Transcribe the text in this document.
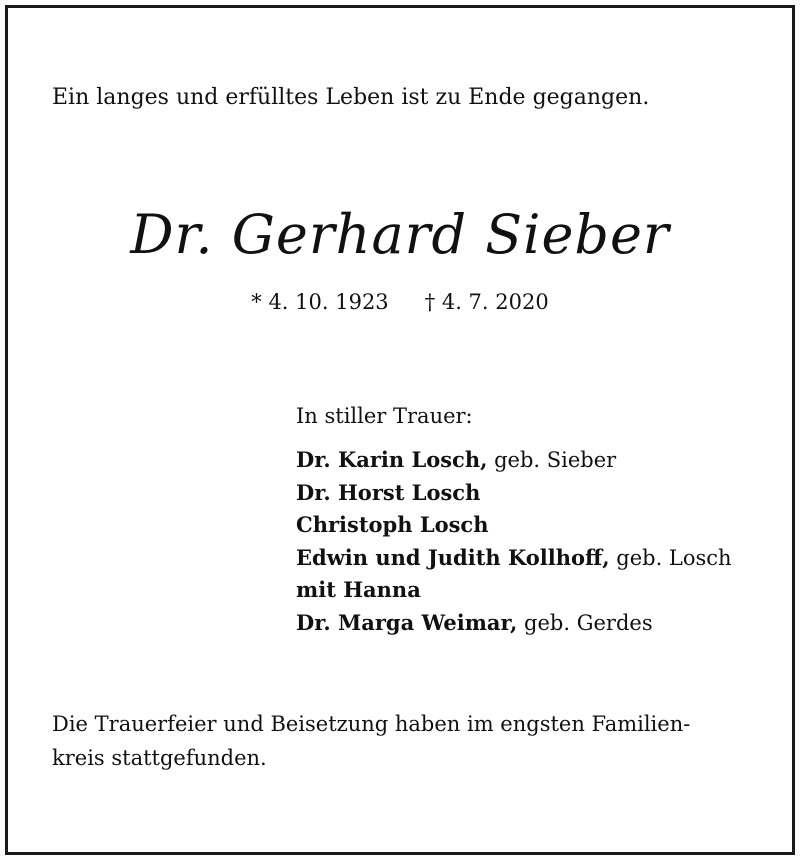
Ein langes und erfülltes Leben ist zu Ende gegangen.
Dr. Gerhard Sieber
* 4. 10. 1923 † 4. 7. 2020
In stiller Trauer:
Dr. Karin Losch, geb. Sieber
Dr. Horst Losch
Christoph Losch
Edwin und Judith Kollhoff, geb. Losch
mit Hanna
Dr. Marga Weimar, geb. Gerdes
Die Trauerfeier und Beisetzung haben im engsten Familien-
kreis stattgefunden.
